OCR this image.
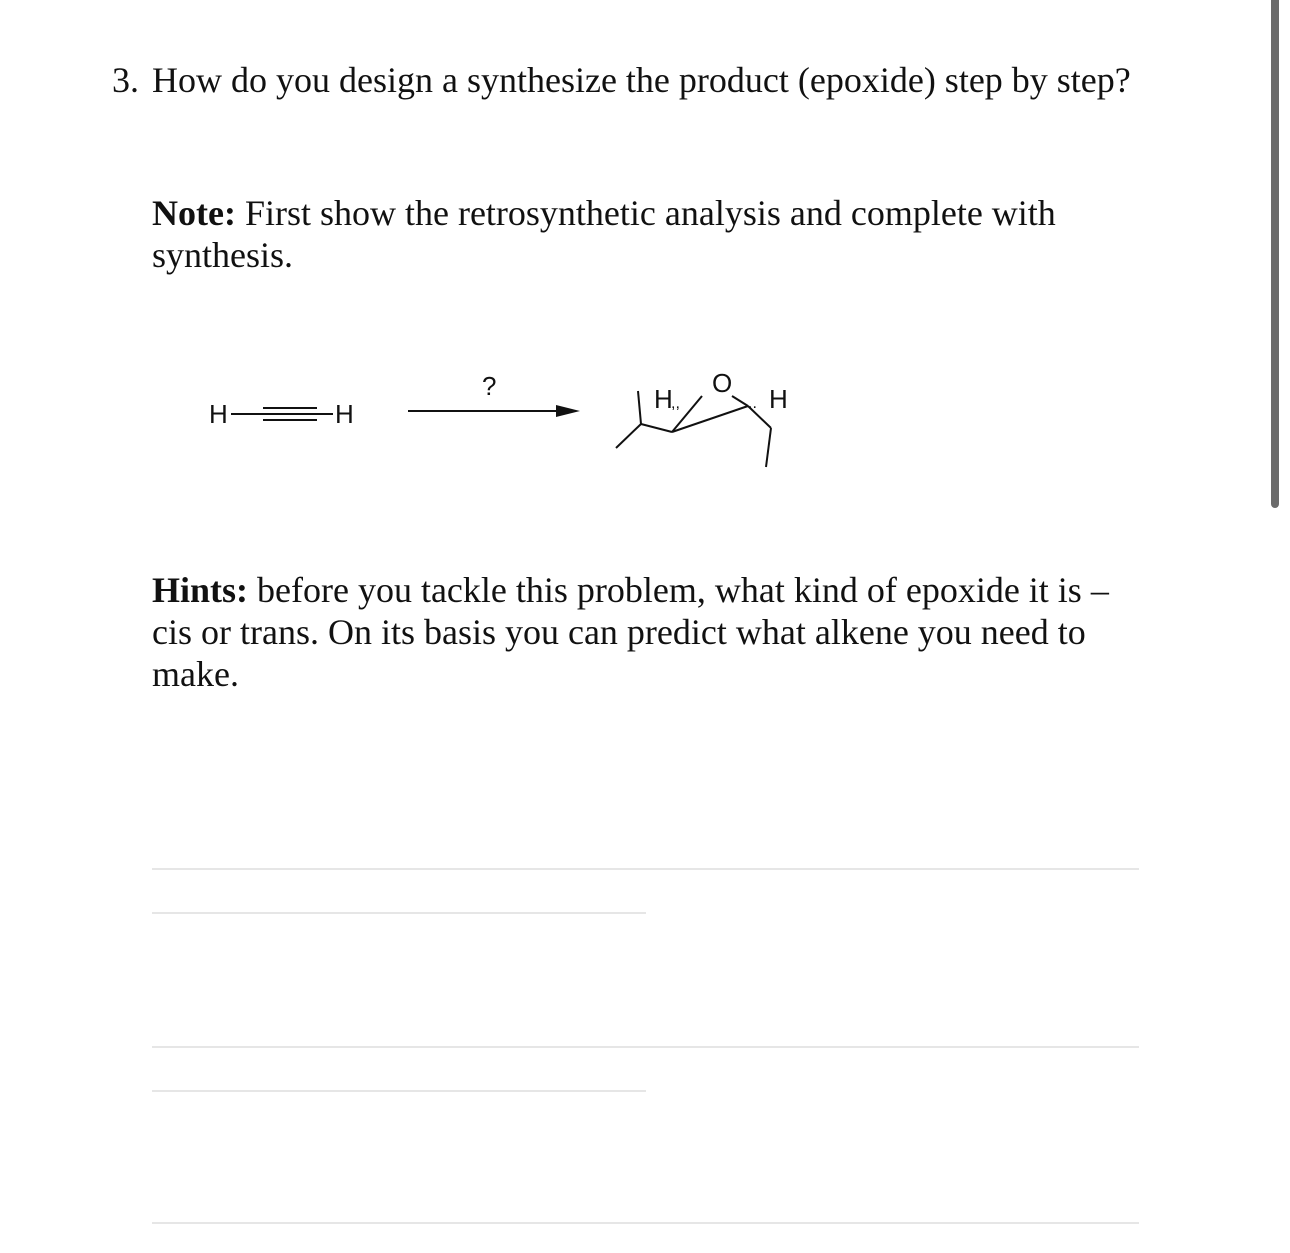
3. How do you design a synthesize the product (epoxide) step by step?
Note: First show the retrosynthetic analysis and complete with synthesis.
H	H
?	O
H
,,	.. H
Hints: before you tackle this problem, what kind of epoxide it is – cis or trans. On its basis you can predict what alkene you need to make.
